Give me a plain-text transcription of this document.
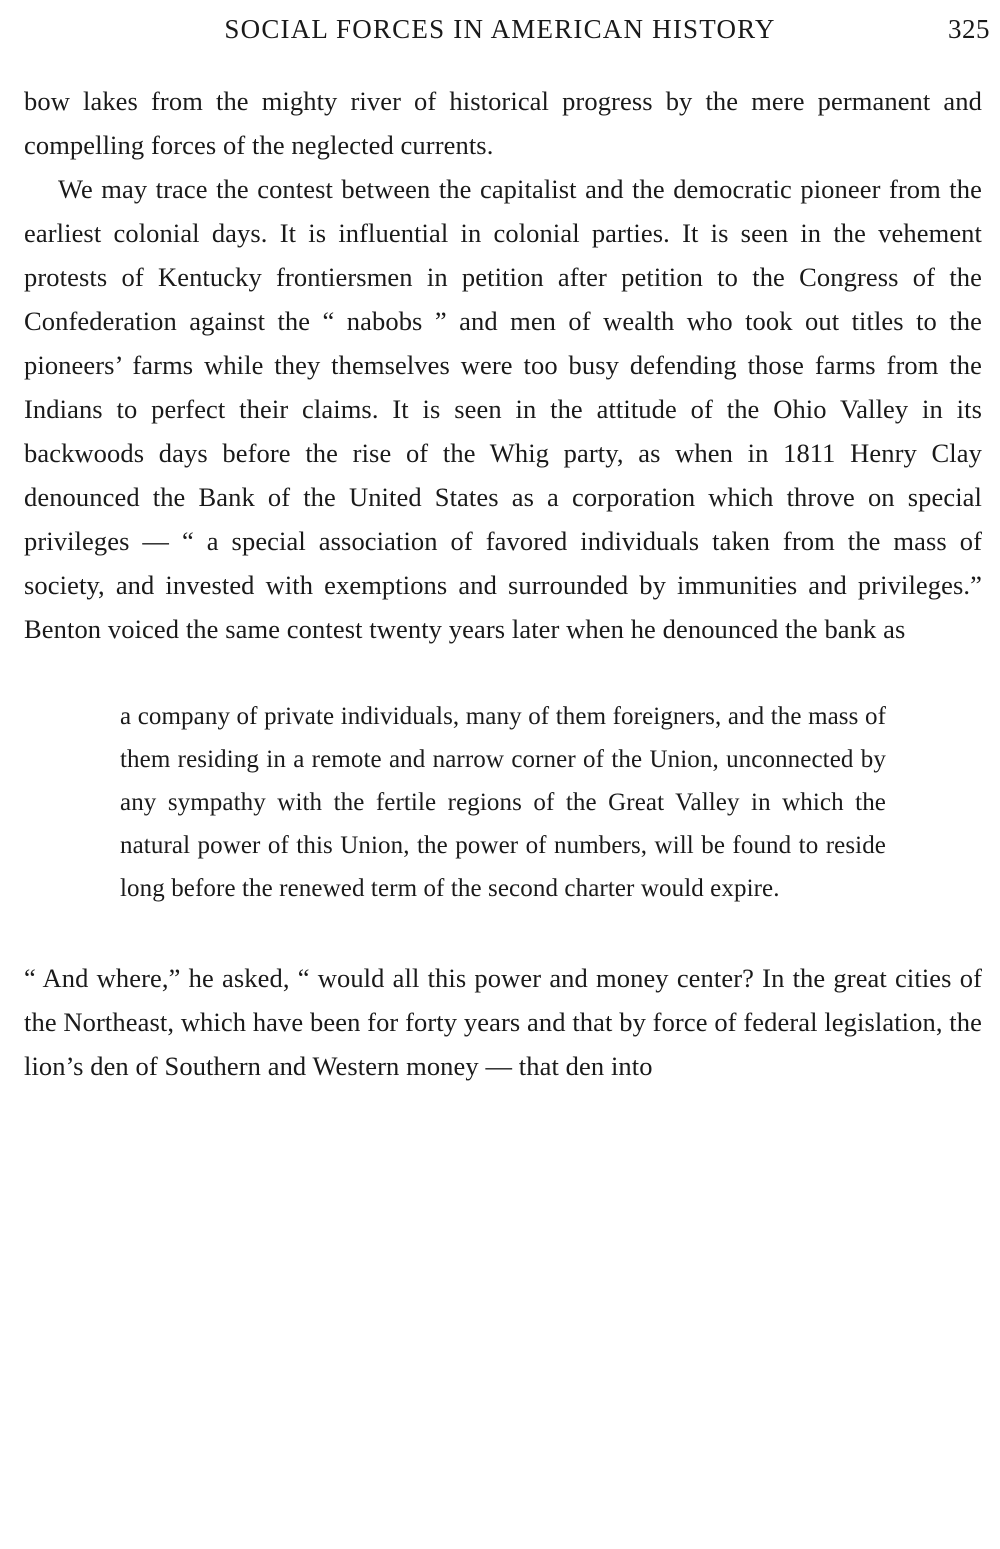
SOCIAL FORCES IN AMERICAN HISTORY	325

bow lakes from the mighty river of historical progress by the mere permanent and compelling forces of the neglected currents.

We may trace the contest between the capitalist and the democratic pioneer from the earliest colonial days. It is influential in colonial parties. It is seen in the vehement protests of Kentucky frontiersmen in petition after petition to the Congress of the Confederation against the “ nabobs ” and men of wealth who took out titles to the pioneers’ farms while they themselves were too busy defending those farms from the Indians to perfect their claims. It is seen in the attitude of the Ohio Valley in its backwoods days before the rise of the Whig party, as when in 1811 Henry Clay denounced the Bank of the United States as a corporation which throve on special privileges — “ a special association of favored individuals taken from the mass of society, and invested with exemptions and surrounded by immunities and privileges.” Benton voiced the same contest twenty years later when he denounced the bank as

a company of private individuals, many of them foreigners, and the mass of them residing in a remote and narrow corner of the Union, unconnected by any sympathy with the fertile regions of the Great Valley in which the natural power of this Union, the power of numbers, will be found to reside long before the renewed term of the second charter would expire.

“ And where,” he asked, “ would all this power and money center? In the great cities of the Northeast, which have been for forty years and that by force of federal legislation, the lion’s den of Southern and Western money — that den into
